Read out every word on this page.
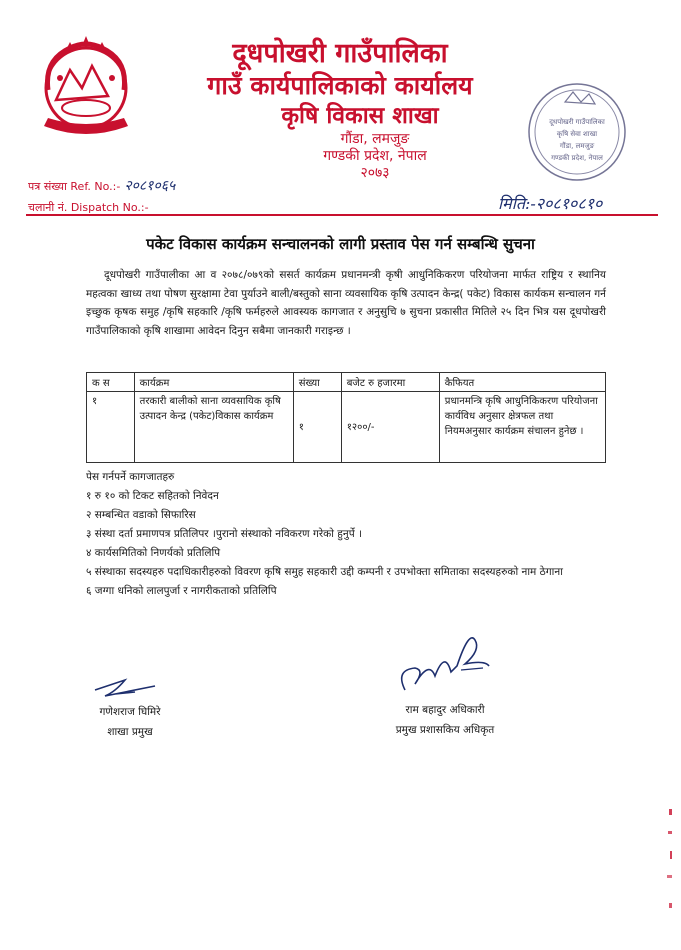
दूधपोखरी गाउँपालिका
गाउँ कार्यपालिकाको कार्यालय
कृषि विकास शाखा
गौंडा, लमजुङ
गण्डकी प्रदेश, नेपाल
२०७३
दूधपोखरी गाउँपालिका
कृषि सेवा शाखा
गौंडा, लमजुङ
गण्डकी प्रदेश, नेपाल
पत्र संख्या Ref. No.:- २०८१०६५
चलानी नं. Dispatch No.:-	मिति:-२०८१०८१०
पकेट विकास कार्यक्रम सन्चालनको लागी प्रस्ताव पेस गर्न सम्बन्धि सुचना
दूधपोखरी गाउँपालीका आ व २०७८/०७९को ससर्त कार्यक्रम प्रधानमन्त्री कृषी आधुनिकिकरण परियोजना मार्फत राष्ट्रिय र स्थानिय महत्वका खाध्य तथा पोषण सुरक्षामा टेवा पुर्याउने बाली/बस्तुको साना व्यवसायिक कृषि उत्पादन केन्द्र( पकेट) विकास कार्यकम सन्चालन गर्न इच्छुक कृषक समुह /कृषि सहकारि /कृषि फर्महरुले आवस्यक कागजात र अनुसुचि ७ सुचना प्रकासीत मितिले २५ दिन भित्र यस दूधपोखरी गाउँपालिकाको कृषि शाखामा आवेदन दिनुन सबैमा जानकारी गराइन्छ ।
क स	कार्यक्रम	संख्या	बजेट रु हजारमा	कैफियत
१	तरकारी बालीको साना व्यवसायिक कृषि उत्पादन केन्द्र (पकेट)विकास कार्यक्रम	१	१२००/-	प्रधानमन्त्रि कृषि आधुनिकिकरण परियोजना कार्यविध अनुसार क्षेत्रफल तथा नियमअनुसार कार्यक्रम संचालन हुनेछ ।

पेस गर्नपर्ने कागजातहरु

१ रु १० को टिकट सहितको निवेदन

२ सम्बन्धित वडाको सिफारिस

३ संस्था दर्ता प्रमाणपत्र प्रतिलिपर ।पुरानो संस्थाको नविकरण गरेको हुनुर्पे ।

४ कार्यसमितिको निणर्यको प्रतिलिपि

५ संस्थाका सदस्यहरु पदाधिकारीहरुको विवरण कृषि समुह सहकारी उद्दी कम्पनी र उपभोक्ता समिताका सदस्यहरुको नाम ठेगाना

६ जग्गा धनिको लालपुर्जा र नागरीकताको प्रतिलिपि

गणेशराज घिमिरे
शाखा प्रमुख
राम बहादुर अधिकारी
प्रमुख प्रशासकिय अधिकृत
